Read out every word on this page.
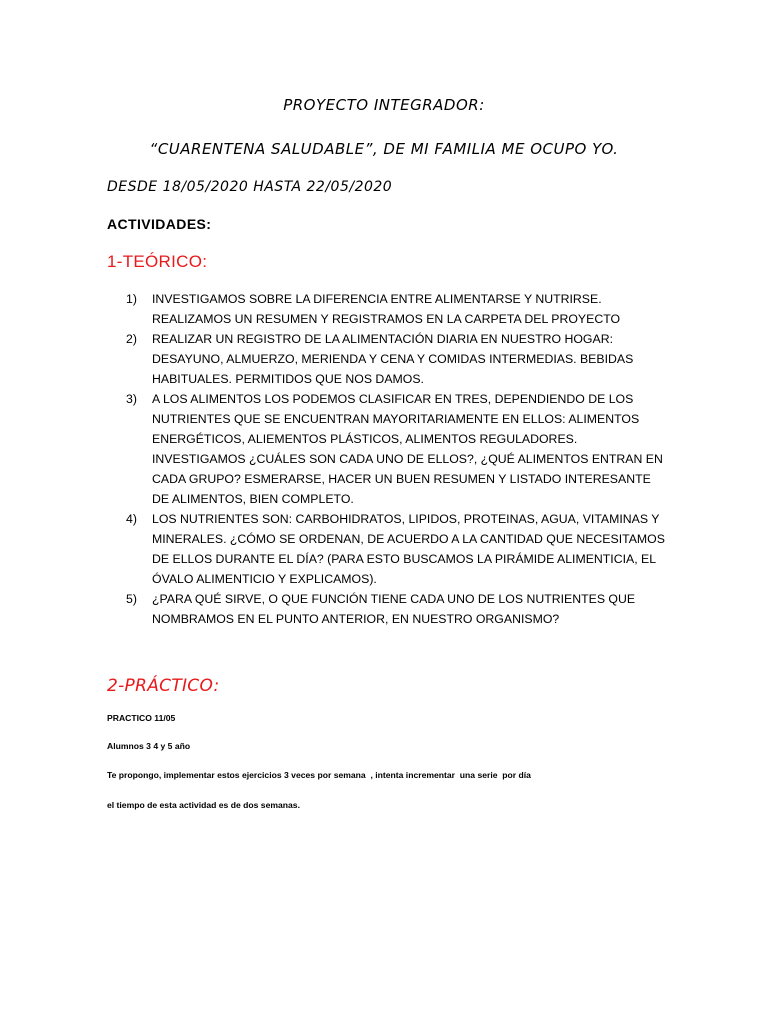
PROYECTO INTEGRADOR:
“CUARENTENA SALUDABLE”, DE MI FAMILIA ME OCUPO YO.
DESDE 18/05/2020 HASTA 22/05/2020
ACTIVIDADES:
1-TEÓRICO:
1)	INVESTIGAMOS SOBRE LA DIFERENCIA ENTRE ALIMENTARSE Y NUTRIRSE. REALIZAMOS UN RESUMEN Y REGISTRAMOS EN LA CARPETA DEL PROYECTO
2)	REALIZAR UN REGISTRO DE LA ALIMENTACIÓN DIARIA EN NUESTRO HOGAR: DESAYUNO, ALMUERZO, MERIENDA Y CENA Y COMIDAS INTERMEDIAS. BEBIDAS HABITUALES. PERMITIDOS QUE NOS DAMOS.
3)	A LOS ALIMENTOS LOS PODEMOS CLASIFICAR EN TRES, DEPENDIENDO DE LOS NUTRIENTES QUE SE ENCUENTRAN MAYORITARIAMENTE EN ELLOS: ALIMENTOS ENERGÉTICOS, ALIEMENTOS PLÁSTICOS, ALIMENTOS REGULADORES. INVESTIGAMOS ¿CUÁLES SON CADA UNO DE ELLOS?, ¿QUÉ ALIMENTOS ENTRAN EN CADA GRUPO? ESMERARSE, HACER UN BUEN RESUMEN Y LISTADO INTERESANTE DE ALIMENTOS, BIEN COMPLETO.
4)	LOS NUTRIENTES SON: CARBOHIDRATOS, LIPIDOS, PROTEINAS, AGUA, VITAMINAS Y MINERALES. ¿CÓMO SE ORDENAN, DE ACUERDO A LA CANTIDAD QUE NECESITAMOS DE ELLOS DURANTE EL DÍA? (PARA ESTO BUSCAMOS LA PIRÁMIDE ALIMENTICIA, EL ÓVALO ALIMENTICIO Y EXPLICAMOS).
5)	¿PARA QUÉ SIRVE, O QUE FUNCIÓN TIENE CADA UNO DE LOS NUTRIENTES QUE NOMBRAMOS EN EL PUNTO ANTERIOR, EN NUESTRO ORGANISMO?
2-PRÁCTICO:
PRACTICO 11/05
Alumnos 3 4 y 5 año
Te propongo, implementar estos ejercicios 3 veces por semana  , intenta incrementar  una serie  por día
el tiempo de esta actividad es de dos semanas.
